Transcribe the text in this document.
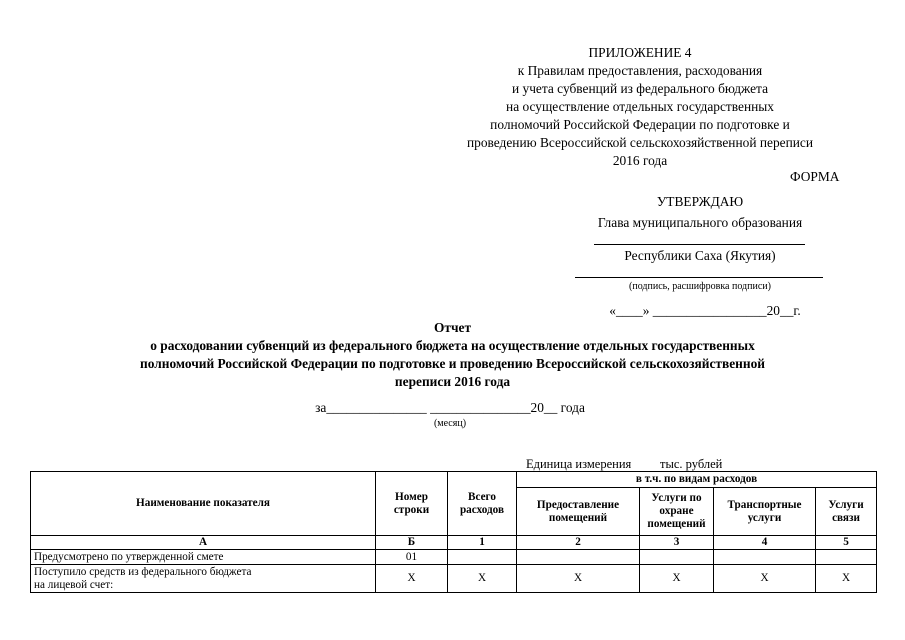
ПРИЛОЖЕНИЕ 4
к Правилам предоставления, расходования
и учета субвенций из федерального бюджета
на осуществление отдельных государственных
полномочий Российской Федерации по подготовке и
проведению Всероссийской сельскохозяйственной переписи
2016 года
ФОРМА
УТВЕРЖДАЮ
Глава муниципального образования
Республики Саха (Якутия)
(подпись, расшифровка подписи)
«____» _________________20__г.
Отчет
о расходовании субвенций из федерального бюджета на осуществление отдельных государственных
полномочий Российской Федерации по подготовке и проведению Всероссийской сельскохозяйственной
переписи 2016 года
за_______________ _______________20__ года
(месяц)
Единица измерения тыс. рублей
Наименование показателя	Номер строки	Всего расходов	в т.ч. по видам расходов			
			Предоставление помещений	Услуги по охране помещений	Транспортные услуги	Услуги связи
А	Б	1	2	3	4	5
Предусмотрено по утвержденной смете	01					
Поступило средств из федерального бюджета на лицевой счет:	Х	Х	Х	Х	Х	Х
